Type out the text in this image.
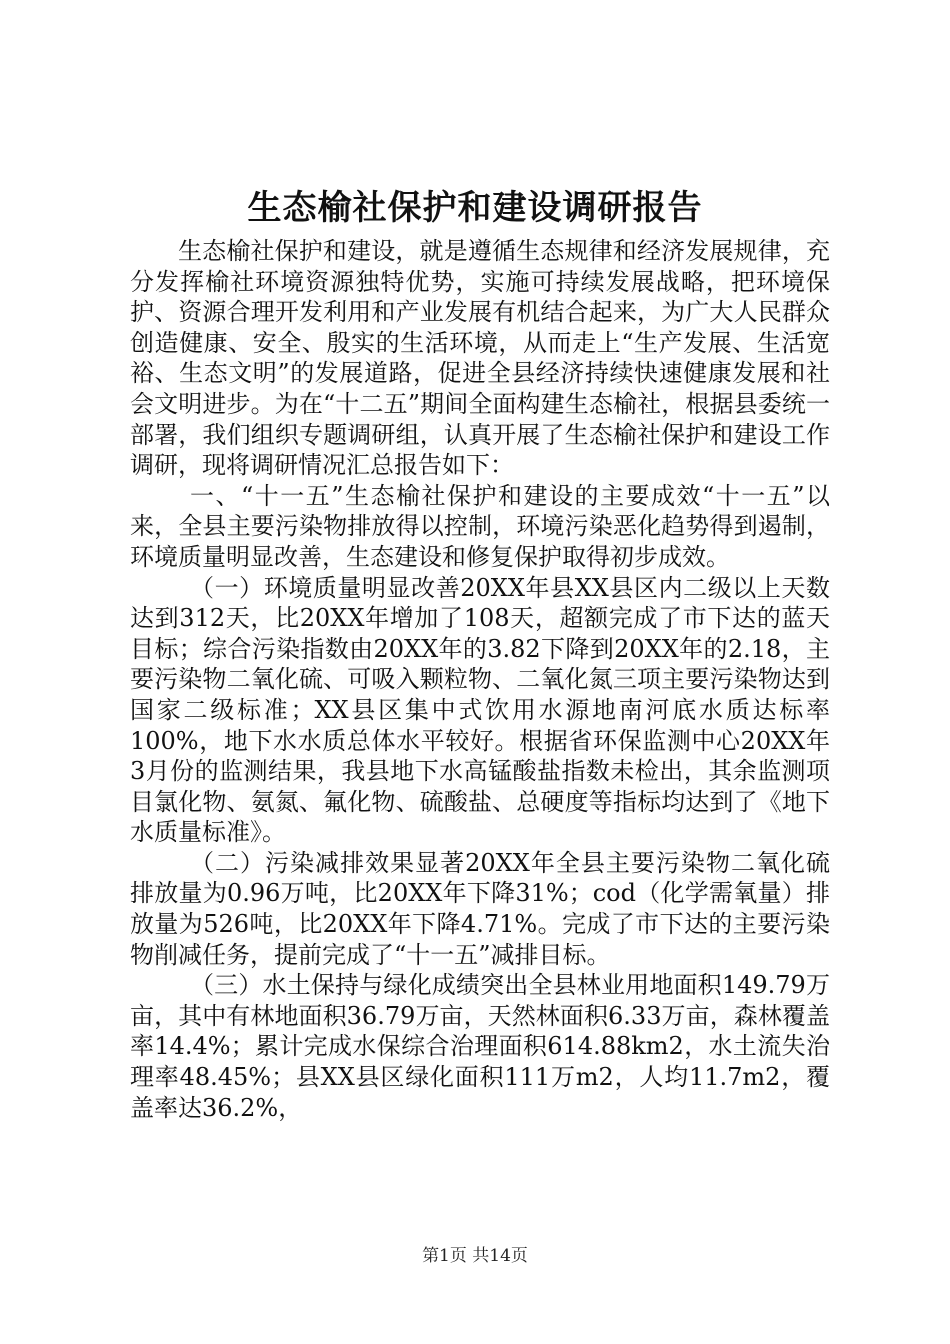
生态榆社保护和建设调研报告

生态榆社保护和建设，就是遵循生态规律和经济发展规律，充分发挥榆社环境资源独特优势，实施可持续发展战略，把环境保护、资源合理开发利用和产业发展有机结合起来，为广大人民群众创造健康、安全、殷实的生活环境，从而走上“生产发展、生活宽裕、生态文明”的发展道路，促进全县经济持续快速健康发展和社会文明进步。为在“十二五”期间全面构建生态榆社，根据县委统一部署，我们组织专题调研组，认真开展了生态榆社保护和建设工作调研，现将调研情况汇总报告如下：

一、“十一五”生态榆社保护和建设的主要成效“十一五”以来，全县主要污染物排放得以控制，环境污染恶化趋势得到遏制，环境质量明显改善，生态建设和修复保护取得初步成效。

（一）环境质量明显改善20XX年县XX县区内二级以上天数达到312天，比20XX年增加了108天，超额完成了市下达的蓝天目标；综合污染指数由20XX年的3.82下降到20XX年的2.18，主要污染物二氧化硫、可吸入颗粒物、二氧化氮三项主要污染物达到国家二级标准；XX县区集中式饮用水源地南河底水质达标率100%，地下水水质总体水平较好。根据省环保监测中心20XX年3月份的监测结果，我县地下水高锰酸盐指数未检出，其余监测项目氯化物、氨氮、氟化物、硫酸盐、总硬度等指标均达到了《地下水质量标准》。

（二）污染减排效果显著20XX年全县主要污染物二氧化硫排放量为0.96万吨，比20XX年下降31%；cod（化学需氧量）排放量为526吨，比20XX年下降4.71%。完成了市下达的主要污染物削减任务，提前完成了“十一五”减排目标。

（三）水土保持与绿化成绩突出全县林业用地面积149.79万亩，其中有林地面积36.79万亩，天然林面积6.33万亩，森林覆盖率14.4%；累计完成水保综合治理面积614.88km2，水土流失治理率48.45%；县XX县区绿化面积111万m2，人均11.7m2，覆盖率达36.2%，

第1页 共14页
